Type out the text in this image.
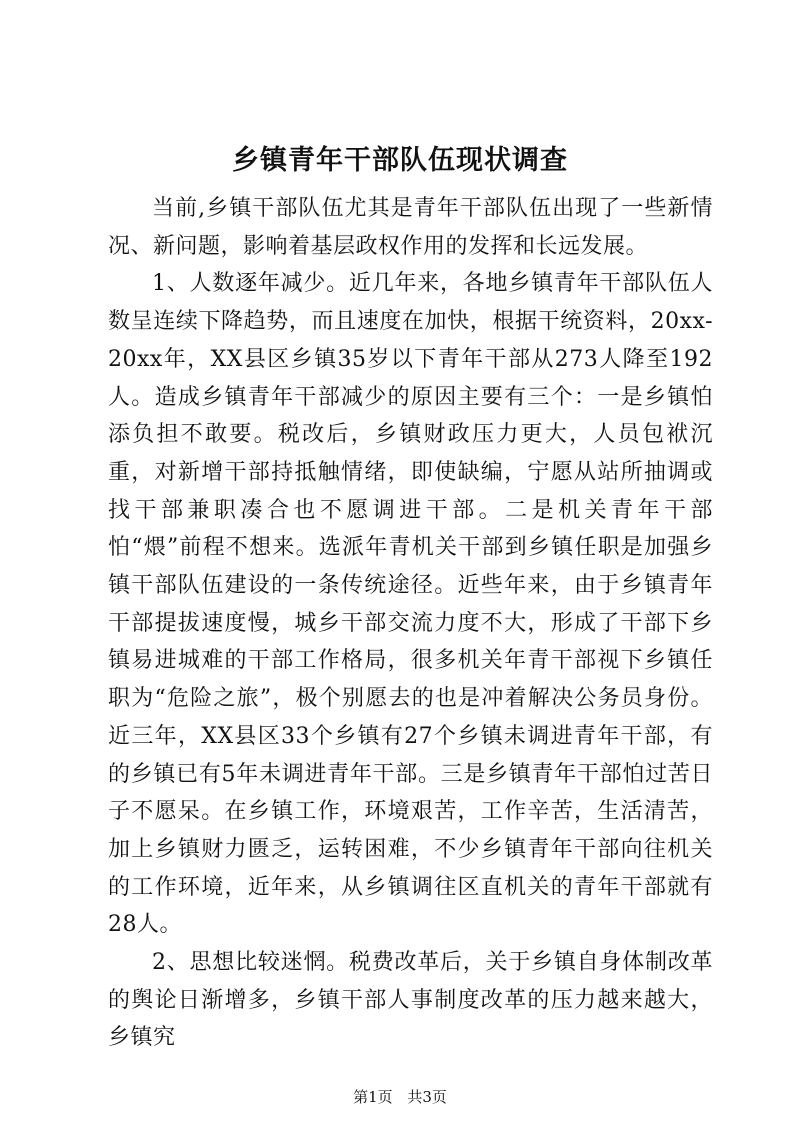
乡镇青年干部队伍现状调查

当前,乡镇干部队伍尤其是青年干部队伍出现了一些新情况、新问题，影响着基层政权作用的发挥和长远发展。

1、人数逐年减少。近几年来，各地乡镇青年干部队伍人数呈连续下降趋势，而且速度在加快，根据干统资料，20xx-20xx年，XX县区乡镇35岁以下青年干部从273人降至192人。造成乡镇青年干部减少的原因主要有三个：一是乡镇怕添负担不敢要。税改后，乡镇财政压力更大，人员包袱沉重，对新增干部持抵触情绪，即使缺编，宁愿从站所抽调或找干部兼职凑合也不愿调进干部。二是机关青年干部怕“煨”前程不想来。选派年青机关干部到乡镇任职是加强乡镇干部队伍建设的一条传统途径。近些年来，由于乡镇青年干部提拔速度慢，城乡干部交流力度不大，形成了干部下乡镇易进城难的干部工作格局，很多机关年青干部视下乡镇任职为“危险之旅”，极个别愿去的也是冲着解决公务员身份。近三年，XX县区33个乡镇有27个乡镇未调进青年干部，有的乡镇已有5年未调进青年干部。三是乡镇青年干部怕过苦日子不愿呆。在乡镇工作，环境艰苦，工作辛苦，生活清苦，加上乡镇财力匮乏，运转困难，不少乡镇青年干部向往机关的工作环境，近年来，从乡镇调往区直机关的青年干部就有28人。

2、思想比较迷惘。税费改革后，关于乡镇自身体制改革的舆论日渐增多，乡镇干部人事制度改革的压力越来越大，乡镇究

第1页 共3页
